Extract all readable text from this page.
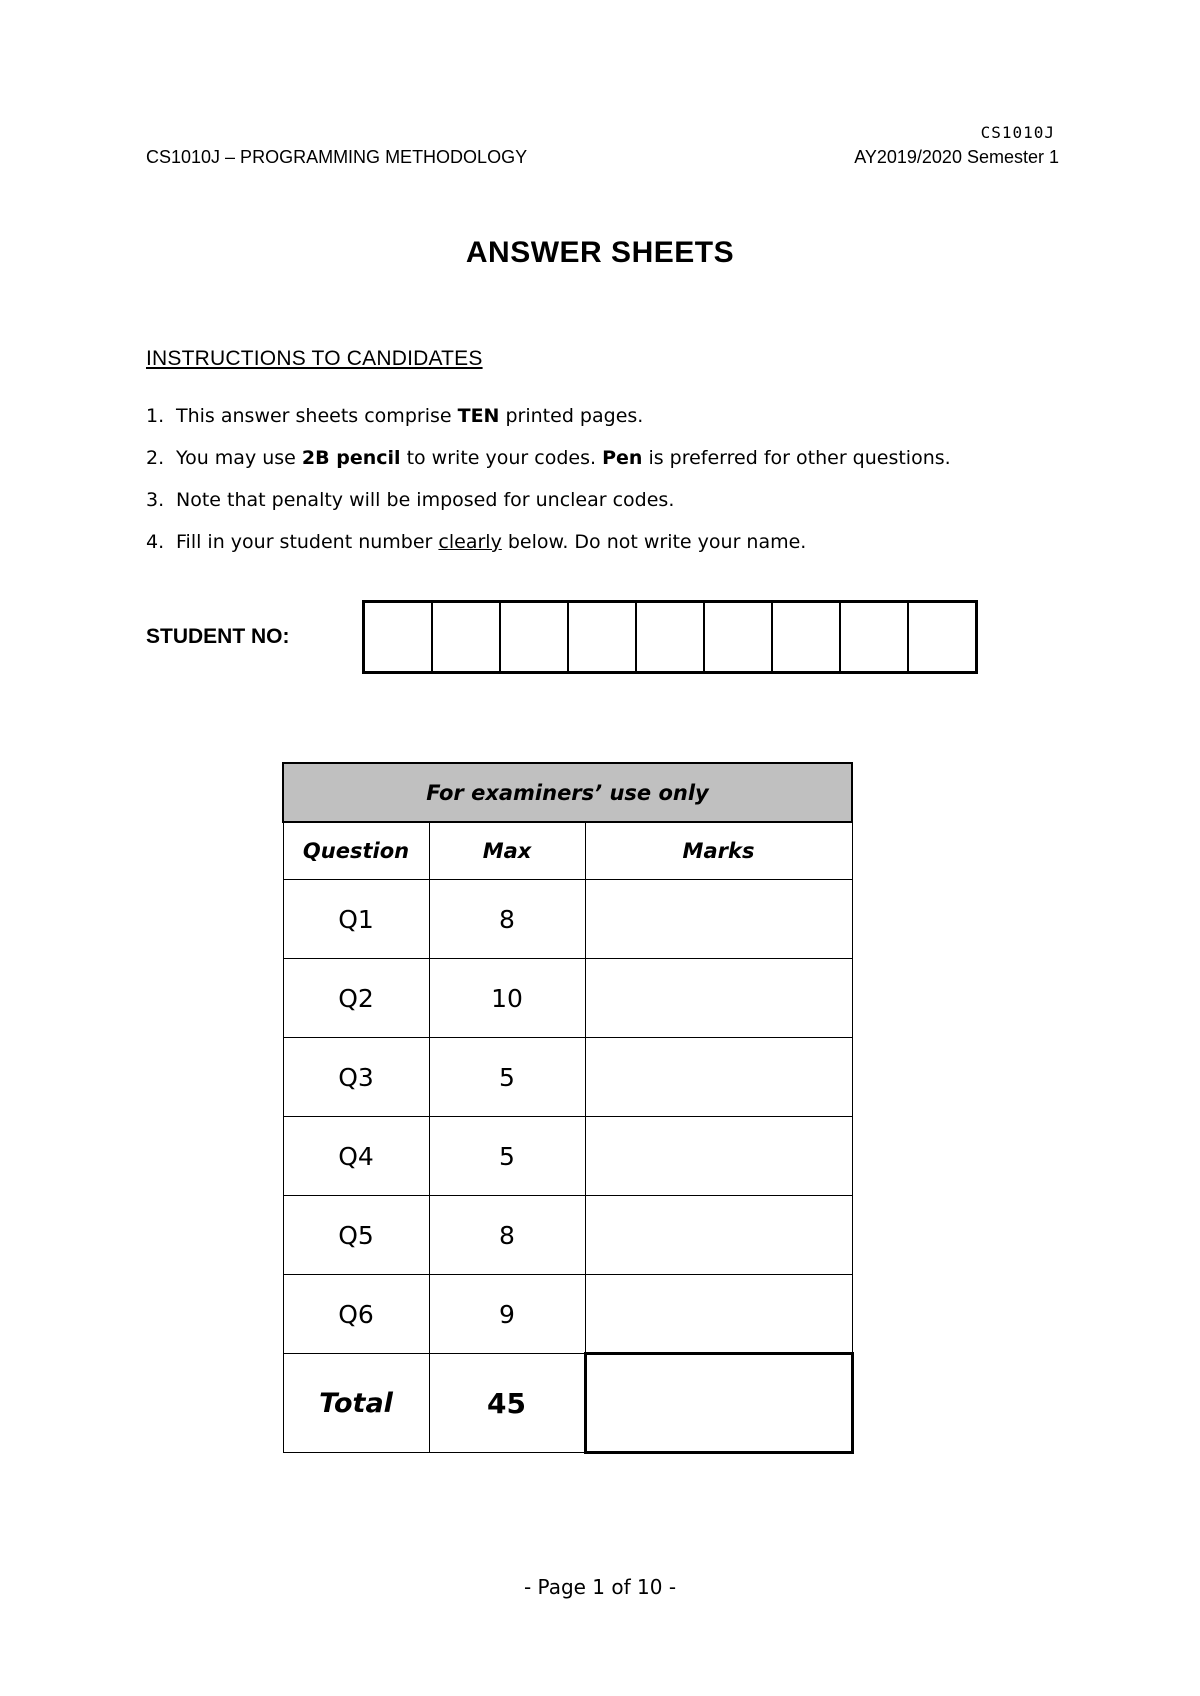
CS1010J
CS1010J – PROGRAMMING METHODOLOGY	AY2019/2020 Semester 1
ANSWER SHEETS
INSTRUCTIONS TO CANDIDATES
1. This answer sheets comprise TEN printed pages.
2. You may use 2B pencil to write your codes. Pen is preferred for other questions.
3. Note that penalty will be imposed for unclear codes.
4. Fill in your student number clearly below. Do not write your name.
STUDENT NO:
For examiners’ use only		
Question	Max	Marks
Q1	8	
Q2	10	
Q3	5	
Q4	5	
Q5	8	
Q6	9	
Total	45	
- Page 1 of 10 -
